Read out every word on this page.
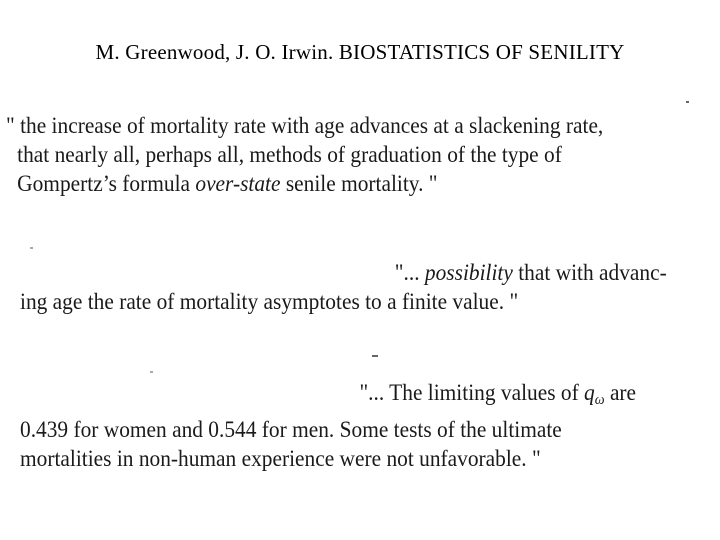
M. Greenwood, J. O. Irwin. BIOSTATISTICS OF SENILITY
" the increase of mortality rate with age advances at a slackening rate,
that nearly all, perhaps all, methods of graduation of the type of
Gompertz’s formula over-state senile mortality. "
"... possibility that with advanc-
ing age the rate of mortality asymptotes to a finite value. "
"... The limiting values of $q_\omega$ are
0.439 for women and 0.544 for men. Some tests of the ultimate
mortalities in non-human experience were not unfavorable. "
